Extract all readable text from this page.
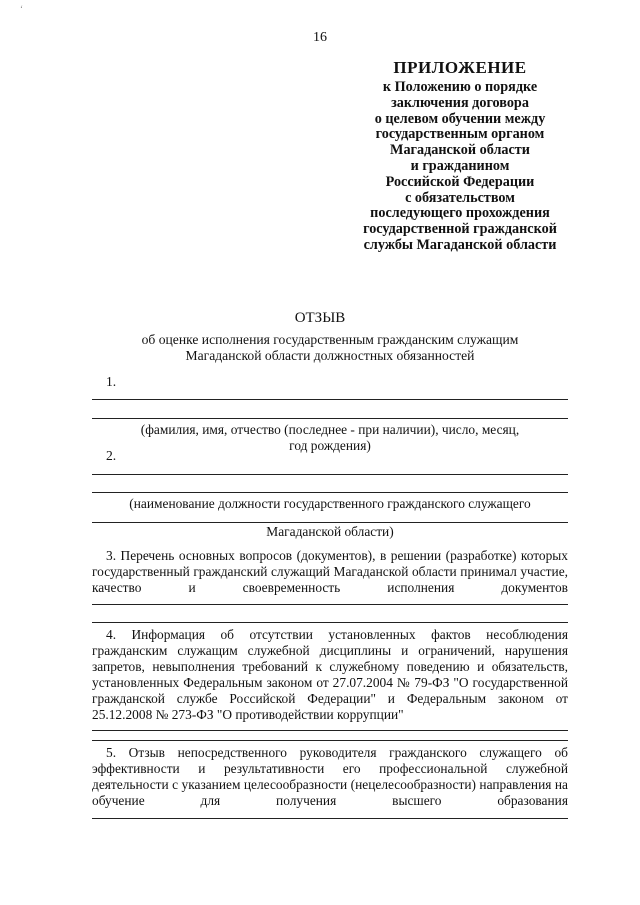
‘
16
ПРИЛОЖЕНИЕ
к Положению о порядке
заключения договора
о целевом обучении между
государственным органом
Магаданской области
и гражданином
Российской Федерации
с обязательством
последующего прохождения
государственной гражданской
службы Магаданской области
ОТЗЫВ
об оценке исполнения государственным гражданским служащим Магаданской области должностных обязанностей
1.
(фамилия, имя, отчество (последнее - при наличии), число, месяц, год рождения)
2.
(наименование должности государственного гражданского служащего
Магаданской области)
3. Перечень основных вопросов (документов), в решении (разработке) которых государственный гражданский служащий Магаданской области принимал участие, качество и своевременность исполнения документов
4. Информация об отсутствии установленных фактов несоблюдения гражданским служащим служебной дисциплины и ограничений, нарушения запретов, невыполнения требований к служебному поведению и обязательств, установленных Федеральным законом от 27.07.2004 № 79-ФЗ "О государственной гражданской службе Российской Федерации" и Федеральным законом от 25.12.2008 № 273-ФЗ "О противодействии коррупции"
5. Отзыв непосредственного руководителя гражданского служащего об эффективности и результативности его профессиональной служебной деятельности с указанием целесообразности (нецелесообразности) направления на обучение для получения высшего образования
